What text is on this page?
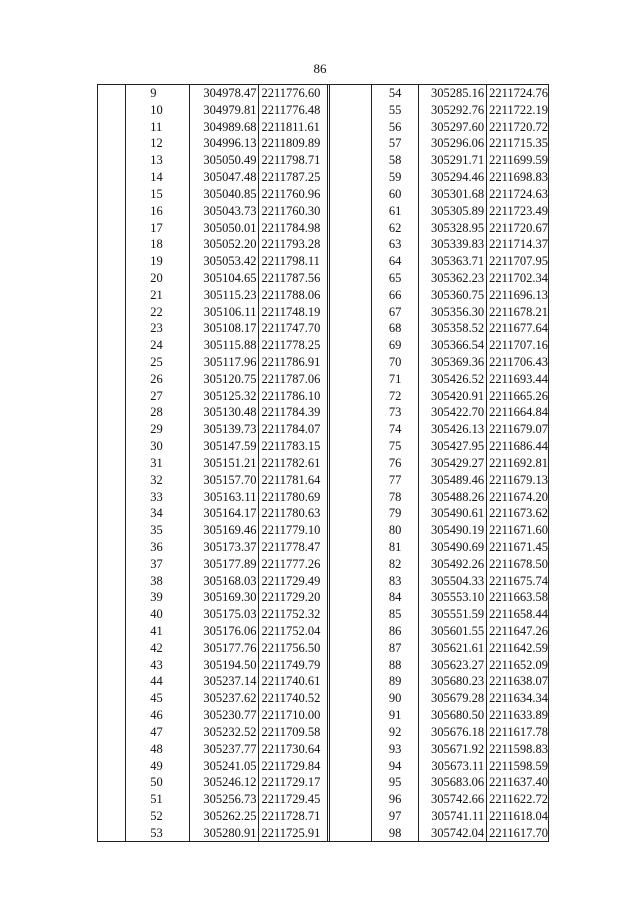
86
9
10
11
12
13
14
15
16
17
18
19
20
21
22
23
24
25
26
27
28
29
30
31
32
33
34
35
36
37
38
39
40
41
42
43
44
45
46
47
48
49
50
51
52
53
304978.47
304979.81
304989.68
304996.13
305050.49
305047.48
305040.85
305043.73
305050.01
305052.20
305053.42
305104.65
305115.23
305106.11
305108.17
305115.88
305117.96
305120.75
305125.32
305130.48
305139.73
305147.59
305151.21
305157.70
305163.11
305164.17
305169.46
305173.37
305177.89
305168.03
305169.30
305175.03
305176.06
305177.76
305194.50
305237.14
305237.62
305230.77
305232.52
305237.77
305241.05
305246.12
305256.73
305262.25
305280.91
2211776.60
2211776.48
2211811.61
2211809.89
2211798.71
2211787.25
2211760.96
2211760.30
2211784.98
2211793.28
2211798.11
2211787.56
2211788.06
2211748.19
2211747.70
2211778.25
2211786.91
2211787.06
2211786.10
2211784.39
2211784.07
2211783.15
2211782.61
2211781.64
2211780.69
2211780.63
2211779.10
2211778.47
2211777.26
2211729.49
2211729.20
2211752.32
2211752.04
2211756.50
2211749.79
2211740.61
2211740.52
2211710.00
2211709.58
2211730.64
2211729.84
2211729.17
2211729.45
2211728.71
2211725.91
54
55
56
57
58
59
60
61
62
63
64
65
66
67
68
69
70
71
72
73
74
75
76
77
78
79
80
81
82
83
84
85
86
87
88
89
90
91
92
93
94
95
96
97
98
305285.16
305292.76
305297.60
305296.06
305291.71
305294.46
305301.68
305305.89
305328.95
305339.83
305363.71
305362.23
305360.75
305356.30
305358.52
305366.54
305369.36
305426.52
305420.91
305422.70
305426.13
305427.95
305429.27
305489.46
305488.26
305490.61
305490.19
305490.69
305492.26
305504.33
305553.10
305551.59
305601.55
305621.61
305623.27
305680.23
305679.28
305680.50
305676.18
305671.92
305673.11
305683.06
305742.66
305741.11
305742.04
2211724.76
2211722.19
2211720.72
2211715.35
2211699.59
2211698.83
2211724.63
2211723.49
2211720.67
2211714.37
2211707.95
2211702.34
2211696.13
2211678.21
2211677.64
2211707.16
2211706.43
2211693.44
2211665.26
2211664.84
2211679.07
2211686.44
2211692.81
2211679.13
2211674.20
2211673.62
2211671.60
2211671.45
2211678.50
2211675.74
2211663.58
2211658.44
2211647.26
2211642.59
2211652.09
2211638.07
2211634.34
2211633.89
2211617.78
2211598.83
2211598.59
2211637.40
2211622.72
2211618.04
2211617.70
